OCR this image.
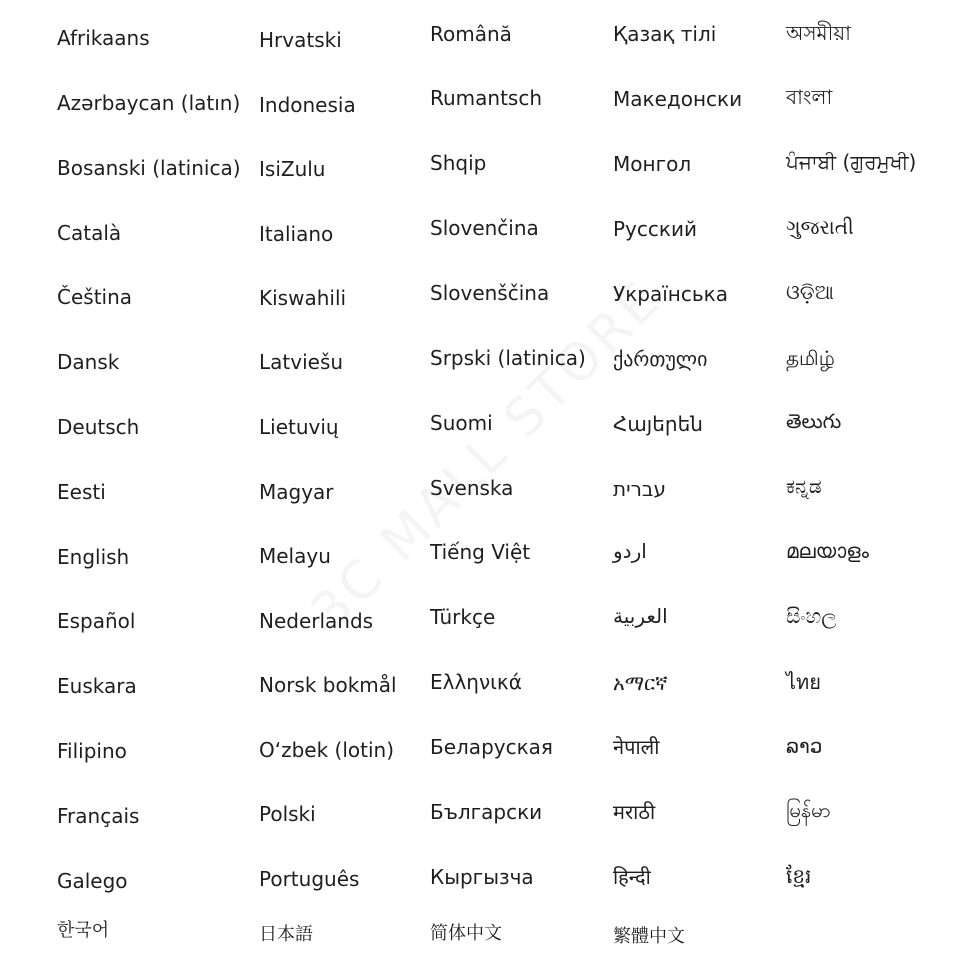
Afrikaans
Azərbaycan (latın)
Bosanski (latinica)
Català
Čeština
Dansk
Deutsch
Eesti
English
Español
Euskara
Filipino
Français
Galego
한국어
Hrvatski
Indonesia
IsiZulu
Italiano
Kiswahili
Latviešu
Lietuvių
Magyar
Melayu
Nederlands
Norsk bokmål
O‘zbek (lotin)
Polski
Português
日本語
Română
Rumantsch
Shqip
Slovenčina
Slovenščina
Srpski (latinica)
Suomi
Svenska
Tiếng Việt
Türkçe
Ελληνικά
Беларуская
Български
Кыргызча
简体中文
Қазақ тілі
Македонски
Монгол
Русский
Українська
ქართული
Հայերեն
עברית
اردو
العربية
አማርኛ
नेपाली
मराठी
हिन्दी
繁體中文
অসমীয়া
বাংলা
ਪੰਜਾਬੀ (ਗੁਰਮੁਖੀ)
ગુજરાતી
ଓଡ଼ିଆ
தமிழ்
తెలుగు
ಕನ್ನಡ
മലയാളം
සිංහල
ไทย
ລາວ
မြန်မာ
ខ្មែរ
